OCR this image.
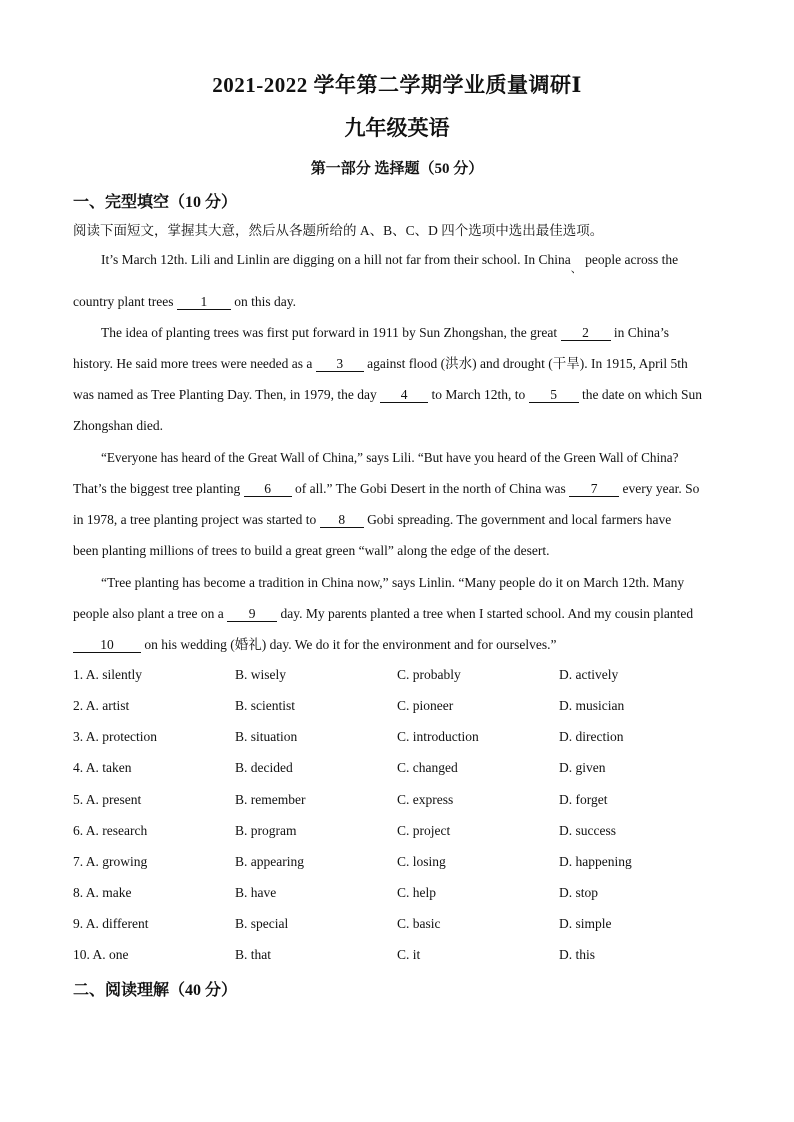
2021-2022 学年第二学期学业质量调研Ⅰ
九年级英语
第一部分 选择题（50 分）
一、完型填空（10 分）
阅读下面短文，掌握其大意，然后从各题所给的 A、B、C、D 四个选项中选出最佳选项。
It’s March 12th. Lili and Linlin are digging on a hill not far from their school. In China$_、$ people across the
country plant trees 1 on this day.
The idea of planting trees was first put forward in 1911 by Sun Zhongshan, the great 2 in China’s
history. He said more trees were needed as a 3 against flood (洪水) and drought (干旱). In 1915, April 5th
was named as Tree Planting Day. Then, in 1979, the day 4 to March 12th, to 5 the date on which Sun
Zhongshan died.
“Everyone has heard of the Great Wall of China,” says Lili. “But have you heard of the Green Wall of China?
That’s the biggest tree planting 6 of all.” The Gobi Desert in the north of China was 7 every year. So
in 1978, a tree planting project was started to 8 Gobi spreading. The government and local farmers have
been planting millions of trees to build a great green “wall” along the edge of the desert.
“Tree planting has become a tradition in China now,” says Linlin. “Many people do it on March 12th. Many
people also plant a tree on a 9 day. My parents planted a tree when I started school. And my cousin planted
10 on his wedding (婚礼) day. We do it for the environment and for ourselves.”
1. A. silently	B. wisely	C. probably	D. actively
2. A. artist	B. scientist	C. pioneer	D. musician
3. A. protection	B. situation	C. introduction	D. direction
4. A. taken	B. decided	C. changed	D. given
5. A. present	B. remember	C. express	D. forget
6. A. research	B. program	C. project	D. success
7. A. growing	B. appearing	C. losing	D. happening
8. A. make	B. have	C. help	D. stop
9. A. different	B. special	C. basic	D. simple
10. A. one	B. that	C. it	D. this
二、阅读理解（40 分）
